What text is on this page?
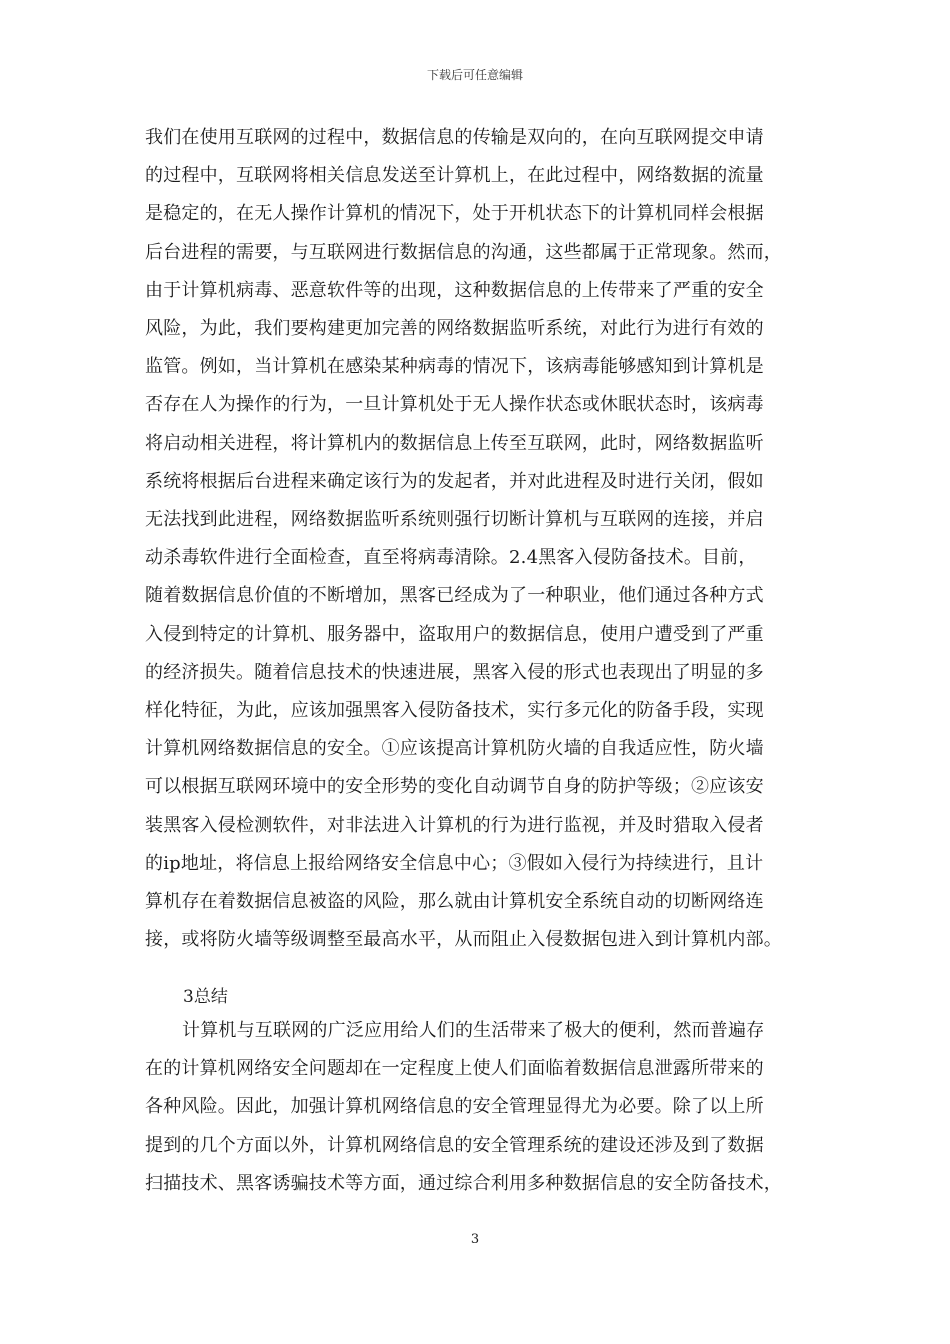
下载后可任意编辑
我们在使用互联网的过程中，数据信息的传输是双向的，在向互联网提交申请
的过程中，互联网将相关信息发送至计算机上，在此过程中，网络数据的流量
是稳定的，在无人操作计算机的情况下，处于开机状态下的计算机同样会根据
后台进程的需要，与互联网进行数据信息的沟通，这些都属于正常现象。然而，
由于计算机病毒、恶意软件等的出现，这种数据信息的上传带来了严重的安全
风险，为此，我们要构建更加完善的网络数据监听系统，对此行为进行有效的
监管。例如，当计算机在感染某种病毒的情况下，该病毒能够感知到计算机是
否存在人为操作的行为，一旦计算机处于无人操作状态或休眠状态时，该病毒
将启动相关进程，将计算机内的数据信息上传至互联网，此时，网络数据监听
系统将根据后台进程来确定该行为的发起者，并对此进程及时进行关闭，假如
无法找到此进程，网络数据监听系统则强行切断计算机与互联网的连接，并启
动杀毒软件进行全面检查，直至将病毒清除。2.4黑客入侵防备技术。目前，
随着数据信息价值的不断增加，黑客已经成为了一种职业，他们通过各种方式
入侵到特定的计算机、服务器中，盗取用户的数据信息，使用户遭受到了严重
的经济损失。随着信息技术的快速进展，黑客入侵的形式也表现出了明显的多
样化特征，为此，应该加强黑客入侵防备技术，实行多元化的防备手段，实现
计算机网络数据信息的安全。①应该提高计算机防火墙的自我适应性，防火墙
可以根据互联网环境中的安全形势的变化自动调节自身的防护等级；②应该安
装黑客入侵检测软件，对非法进入计算机的行为进行监视，并及时猎取入侵者
的ip地址，将信息上报给网络安全信息中心；③假如入侵行为持续进行，且计
算机存在着数据信息被盗的风险，那么就由计算机安全系统自动的切断网络连
接，或将防火墙等级调整至最高水平，从而阻止入侵数据包进入到计算机内部。
3总结
计算机与互联网的广泛应用给人们的生活带来了极大的便利，然而普遍存
在的计算机网络安全问题却在一定程度上使人们面临着数据信息泄露所带来的
各种风险。因此，加强计算机网络信息的安全管理显得尤为必要。除了以上所
提到的几个方面以外，计算机网络信息的安全管理系统的建设还涉及到了数据
扫描技术、黑客诱骗技术等方面，通过综合利用多种数据信息的安全防备技术，
3
